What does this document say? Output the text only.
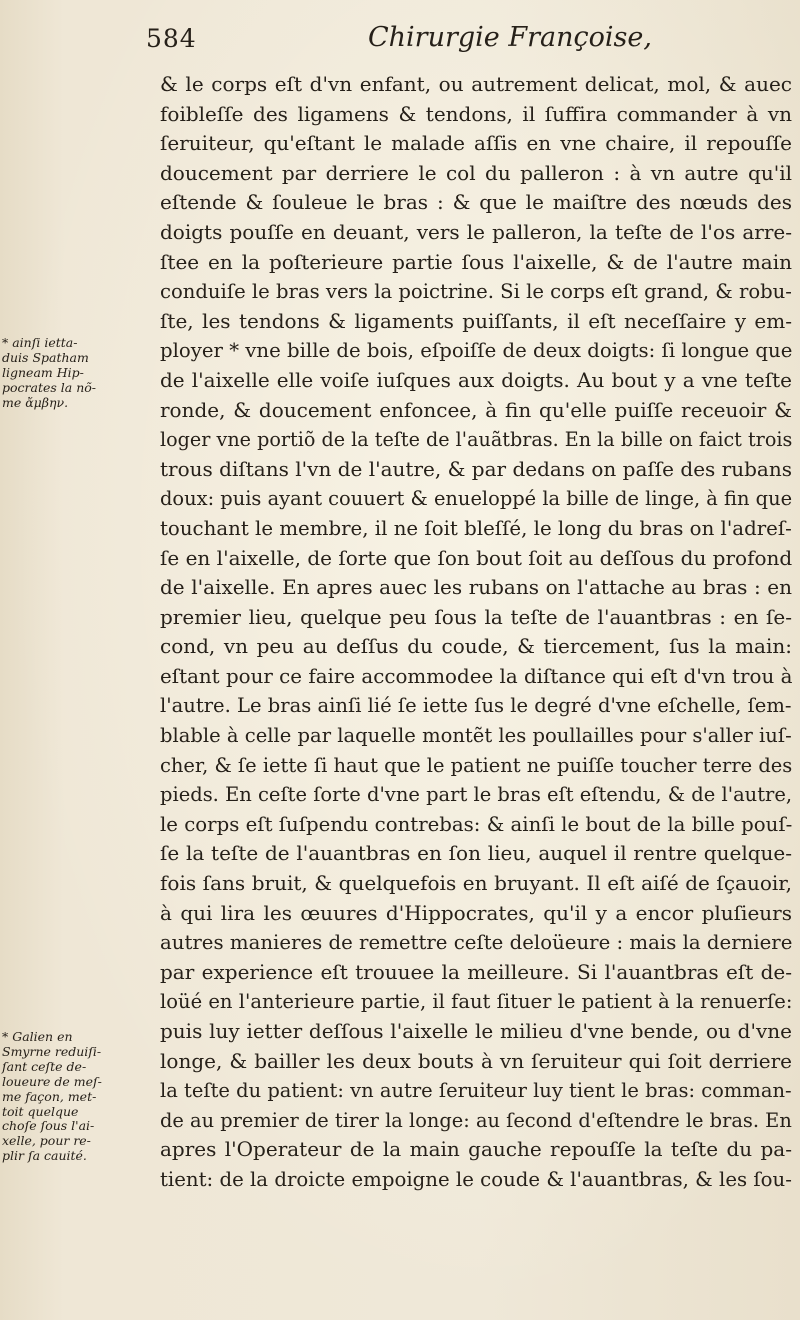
584	Chirurgie Françoise,
& le corps eſt d'vn enfant, ou autrement delicat, mol, & auec
foibleſſe des ligamens & tendons, il ſuffira commander à vn
ſeruiteur, qu'eſtant le malade aſſis en vne chaire, il repouſſe
doucement par derriere le col du palleron : à vn autre qu'il
eſtende & ſouleue le bras : & que le maiſtre des nœuds des
doigts pouſſe en deuant, vers le palleron, la teſte de l'os arre-
ſtee en la poſterieure partie ſous l'aixelle, & de l'autre main
conduiſe le bras vers la poictrine. Si le corps eſt grand, & robu-
ſte, les tendons & ligaments puiſſants, il eſt neceſſaire y em-
ployer * vne bille de bois, eſpoiſſe de deux doigts: ſi longue que
de l'aixelle elle voiſe iuſques aux doigts. Au bout y a vne teſte
ronde, & doucement enfoncee, à fin qu'elle puiſſe receuoir &
loger vne portiõ de la teſte de l'auãtbras. En la bille on faict trois
trous diſtans l'vn de l'autre, & par dedans on paſſe des rubans
doux: puis ayant couuert & enueloppé la bille de linge, à fin que
touchant le membre, il ne ſoit bleſſé, le long du bras on l'adreſ-
ſe en l'aixelle, de ſorte que ſon bout ſoit au deſſous du profond
de l'aixelle. En apres auec les rubans on l'attache au bras : en
premier lieu, quelque peu ſous la teſte de l'auantbras : en ſe-
cond, vn peu au deſſus du coude, & tiercement, ſus la main:
eſtant pour ce faire accommodee la diſtance qui eſt d'vn trou à
l'autre. Le bras ainſi lié ſe iette ſus le degré d'vne eſchelle, ſem-
blable à celle par laquelle montẽt les poullailles pour s'aller iuſ-
cher, & ſe iette ſi haut que le patient ne puiſſe toucher terre des
pieds. En ceſte ſorte d'vne part le bras eſt eſtendu, & de l'autre,
le corps eſt ſuſpendu contrebas: & ainſi le bout de la bille pouſ-
ſe la teſte de l'auantbras en ſon lieu, auquel il rentre quelque-
fois ſans bruit, & quelquefois en bruyant. Il eſt aiſé de ſçauoir,
à qui lira les œuures d'Hippocrates, qu'il y a encor pluſieurs
autres manieres de remettre ceſte deloüeure : mais la derniere
par experience eſt trouuee la meilleure. Si l'auantbras eſt de-
loüé en l'anterieure partie, il faut ſituer le patient à la renuerſe:
puis luy ietter deſſous l'aixelle le milieu d'vne bende, ou d'vne
longe, & bailler les deux bouts à vn ſeruiteur qui ſoit derriere
la teſte du patient: vn autre ſeruiteur luy tient le bras: comman-
de au premier de tirer la longe: au ſecond d'eſtendre le bras. En
apres l'Operateur de la main gauche repouſſe la teſte du pa-
tient: de la droicte empoigne le coude & l'auantbras, & les ſou-
* ainſi ietta-
duis Spatham
ligneam Hip-
pocrates la nõ-
me ἄμβην.
* Galien en
Smyrne reduiſi-
ſant ceſte de-
loueure de meſ-
me façon, met-
toit quelque
choſe ſous l'ai-
xelle, pour re-
plir ſa cauité.
